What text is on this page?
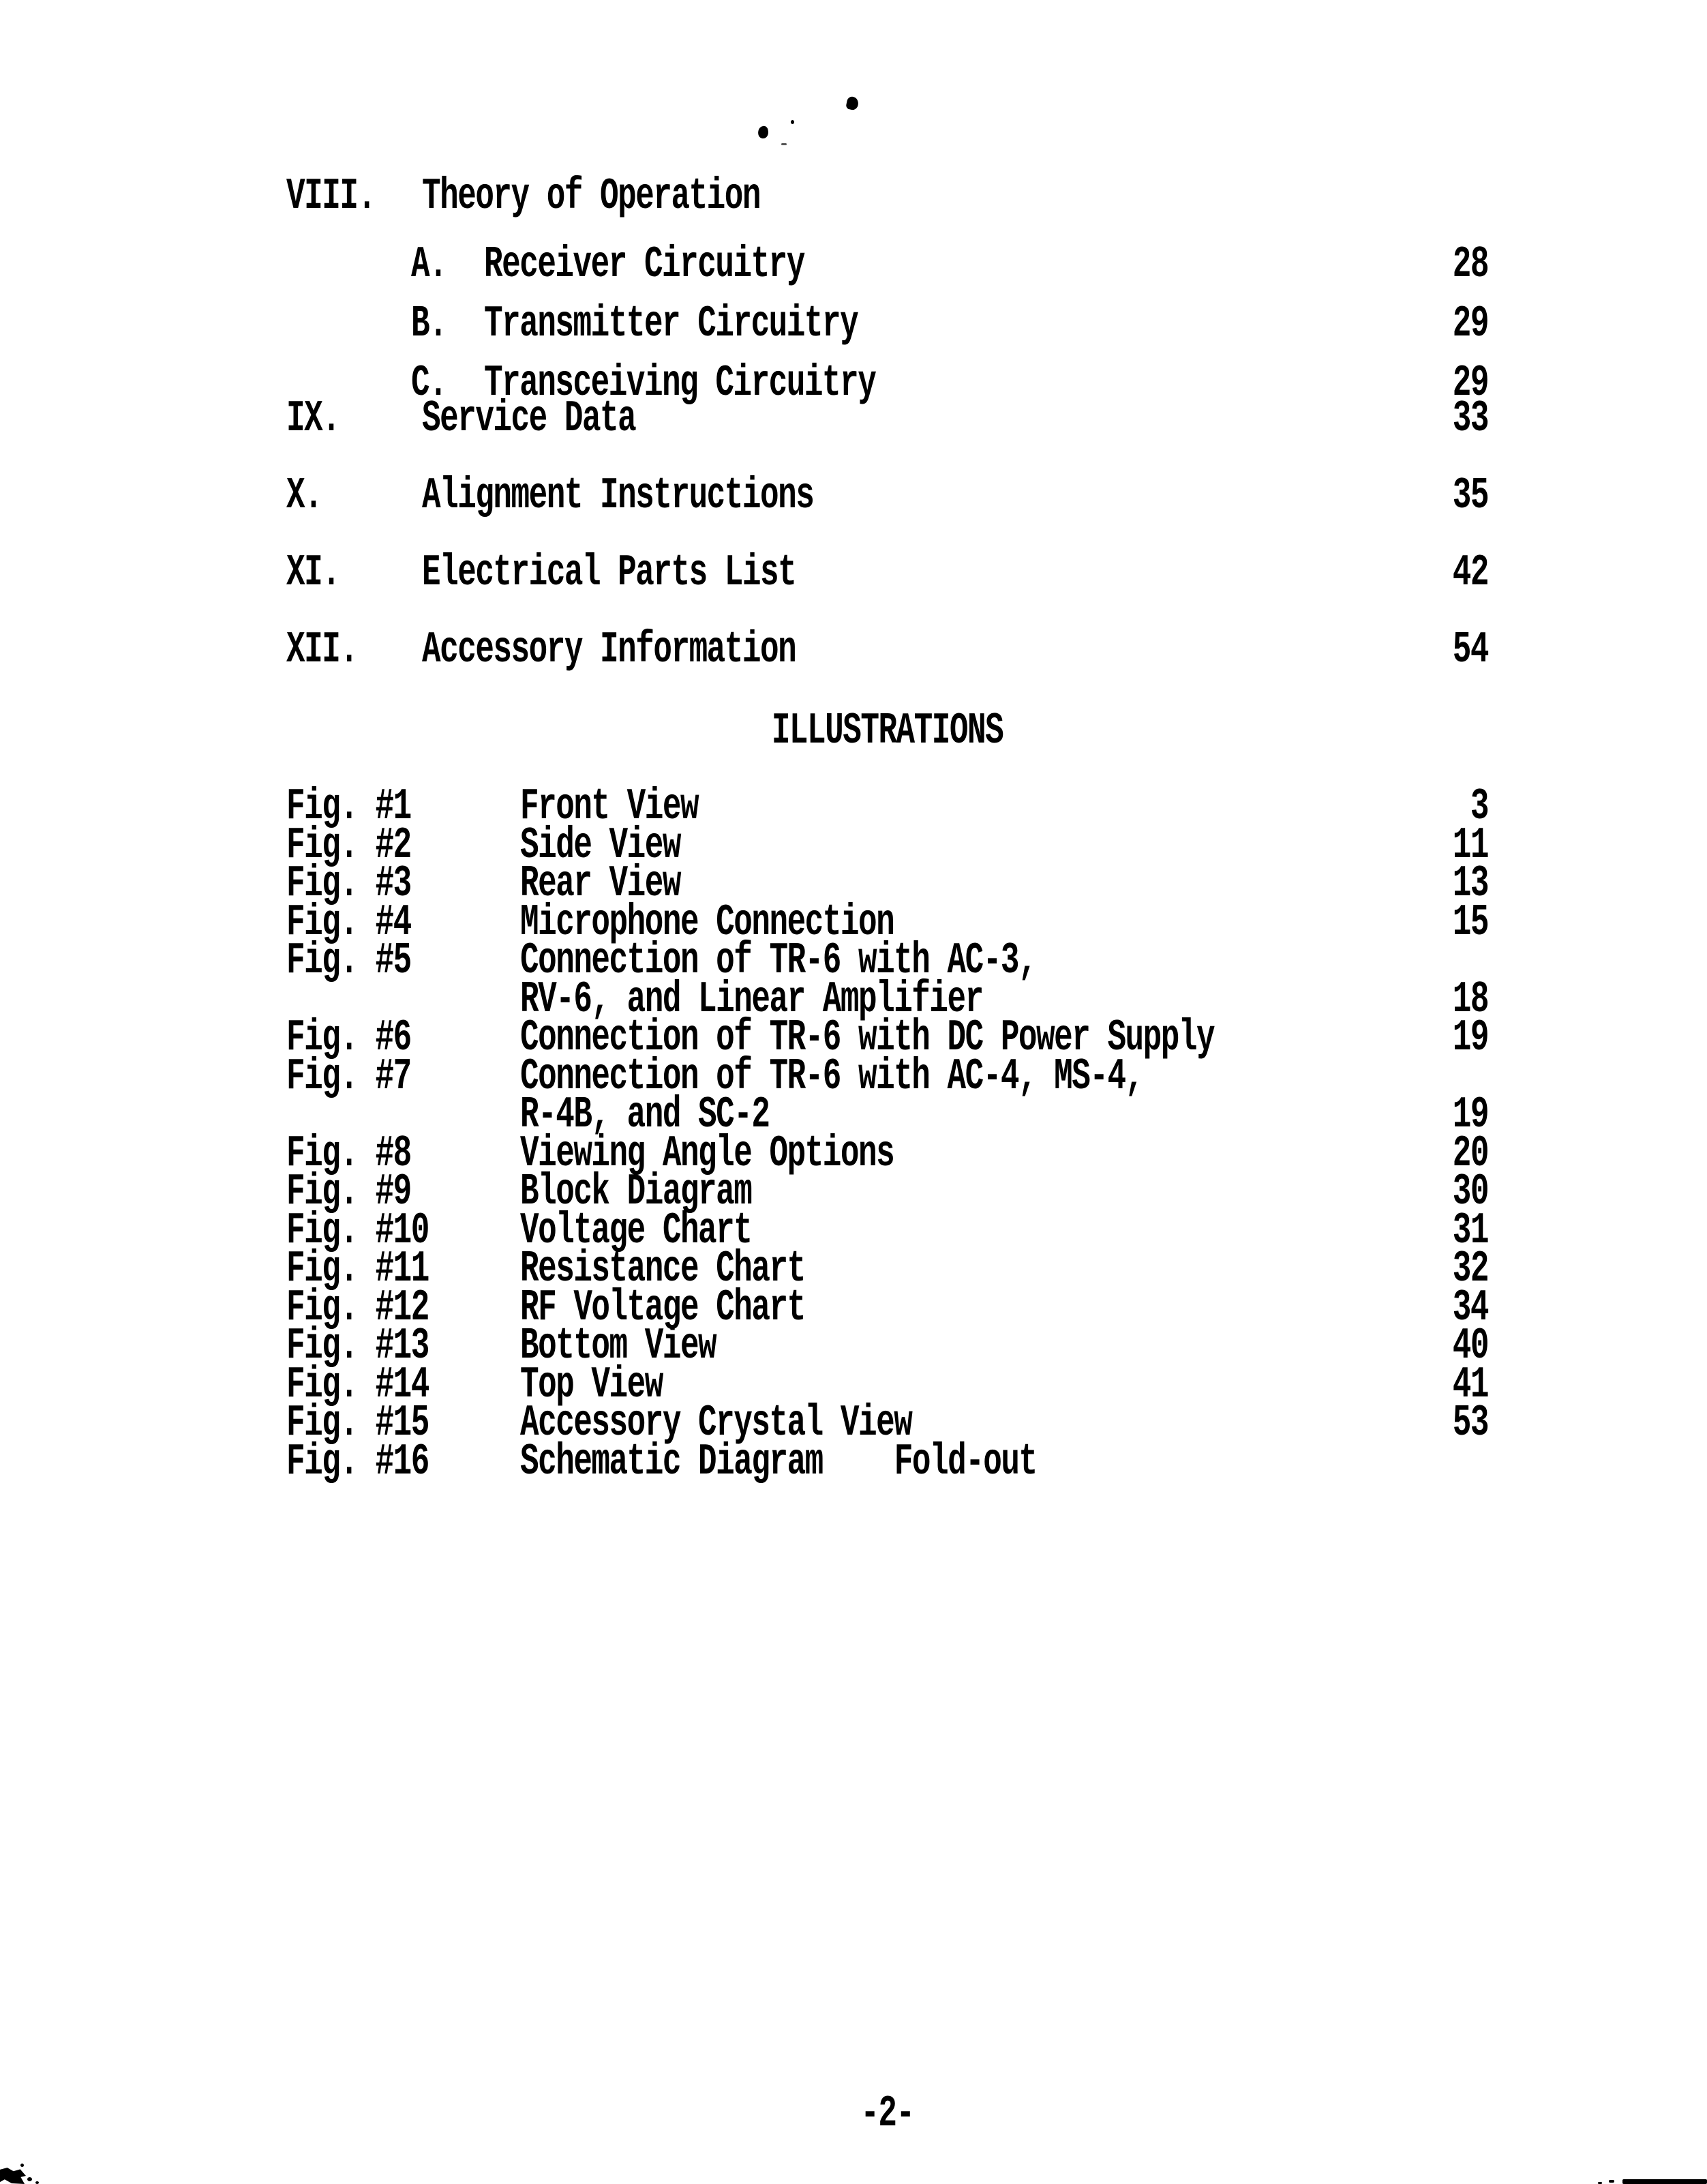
VIII.	Theory of Operation
A.	Receiver Circuitry	28
B.	Transmitter Circuitry	29
C.	Transceiving Circuitry	29
IX.	Service Data	33
X.	Alignment Instructions	35
XI.	Electrical Parts List	42
XII.	Accessory Information	54
ILLUSTRATIONS
Fig. #1	Front View	3
Fig. #2	Side View	11
Fig. #3	Rear View	13
Fig. #4	Microphone Connection	15
Fig. #5	Connection of TR-6 with AC-3,
RV-6, and Linear Amplifier	18
Fig. #6	Connection of TR-6 with DC Power Supply	19
Fig. #7	Connection of TR-6 with AC-4, MS-4,
R-4B, and SC-2	19
Fig. #8	Viewing Angle Options	20
Fig. #9	Block Diagram	30
Fig. #10	Voltage Chart	31
Fig. #11	Resistance Chart	32
Fig. #12	RF Voltage Chart	34
Fig. #13	Bottom View	40
Fig. #14	Top View	41
Fig. #15	Accessory Crystal View	53
Fig. #16	Schematic Diagram Fold-out
-2-
